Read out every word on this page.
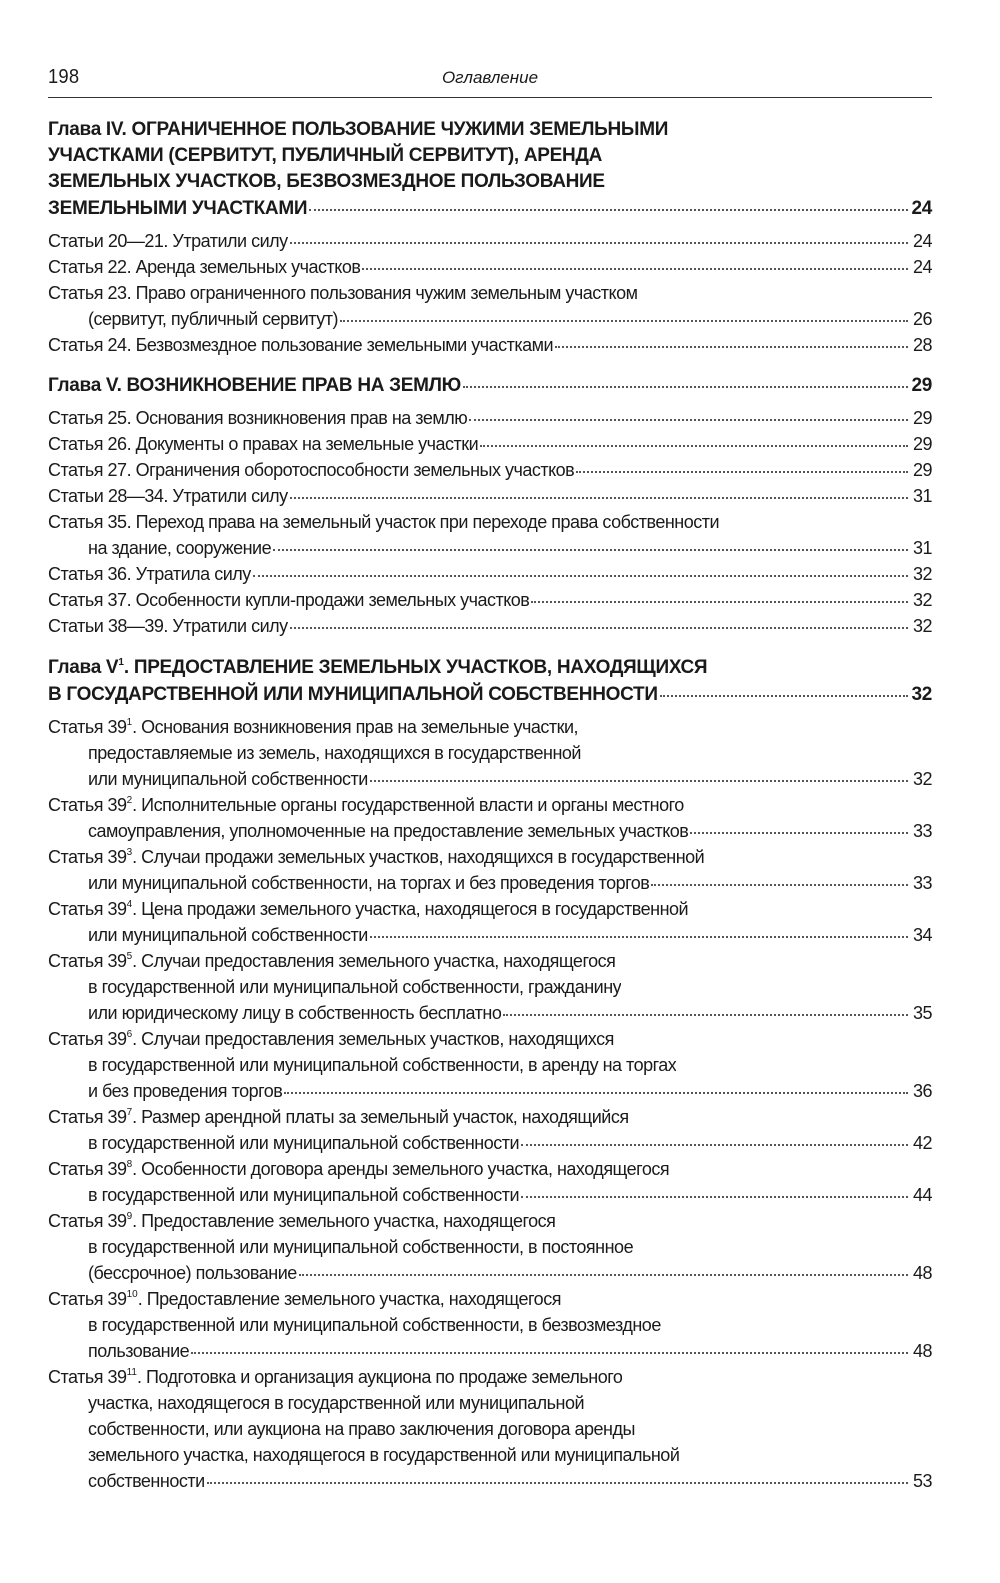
198	Оглавление
Глава IV. ОГРАНИЧЕННОЕ ПОЛЬЗОВАНИЕ ЧУЖИМИ ЗЕМЕЛЬНЫМИ
УЧАСТКАМИ (СЕРВИТУТ, ПУБЛИЧНЫЙ СЕРВИТУТ), АРЕНДА
ЗЕМЕЛЬНЫХ УЧАСТКОВ, БЕЗВОЗМЕЗДНОЕ ПОЛЬЗОВАНИЕ
ЗЕМЕЛЬНЫМИ УЧАСТКАМИ	24
Статьи 20—21. Утратили силу	24
Статья 22. Аренда земельных участков	24
Статья 23. Право ограниченного пользования чужим земельным участком
(сервитут, публичный сервитут)	26
Статья 24. Безвозмездное пользование земельными участками	28
Глава V. ВОЗНИКНОВЕНИЕ ПРАВ НА ЗЕМЛЮ	29
Статья 25. Основания возникновения прав на землю	29
Статья 26. Документы о правах на земельные участки	29
Статья 27. Ограничения оборотоспособности земельных участков	29
Статьи 28—34. Утратили силу	31
Статья 35. Переход права на земельный участок при переходе права собственности
на здание, сооружение	31
Статья 36. Утратила силу	32
Статья 37. Особенности купли-продажи земельных участков	32
Статьи 38—39. Утратили силу	32
Глава $V^1$. ПРЕДОСТАВЛЕНИЕ ЗЕМЕЛЬНЫХ УЧАСТКОВ, НАХОДЯЩИХСЯ
В ГОСУДАРСТВЕННОЙ ИЛИ МУНИЦИПАЛЬНОЙ СОБСТВЕННОСТИ	32
Статья $39^1$. Основания возникновения прав на земельные участки,
предоставляемые из земель, находящихся в государственной
или муниципальной собственности	32
Статья $39^2$. Исполнительные органы государственной власти и органы местного
самоуправления, уполномоченные на предоставление земельных участков	33
Статья $39^3$. Случаи продажи земельных участков, находящихся в государственной
или муниципальной собственности, на торгах и без проведения торгов	33
Статья $39^4$. Цена продажи земельного участка, находящегося в государственной
или муниципальной собственности	34
Статья $39^5$. Случаи предоставления земельного участка, находящегося
в государственной или муниципальной собственности, гражданину
или юридическому лицу в собственность бесплатно	35
Статья $39^6$. Случаи предоставления земельных участков, находящихся
в государственной или муниципальной собственности, в аренду на торгах
и без проведения торгов	36
Статья $39^7$. Размер арендной платы за земельный участок, находящийся
в государственной или муниципальной собственности	42
Статья $39^8$. Особенности договора аренды земельного участка, находящегося
в государственной или муниципальной собственности	44
Статья $39^9$. Предоставление земельного участка, находящегося
в государственной или муниципальной собственности, в постоянное
(бессрочное) пользование	48
Статья $39^{10}$. Предоставление земельного участка, находящегося
в государственной или муниципальной собственности, в безвозмездное
пользование	48
Статья $39^{11}$. Подготовка и организация аукциона по продаже земельного
участка, находящегося в государственной или муниципальной
собственности, или аукциона на право заключения договора аренды
земельного участка, находящегося в государственной или муниципальной
собственности	53
